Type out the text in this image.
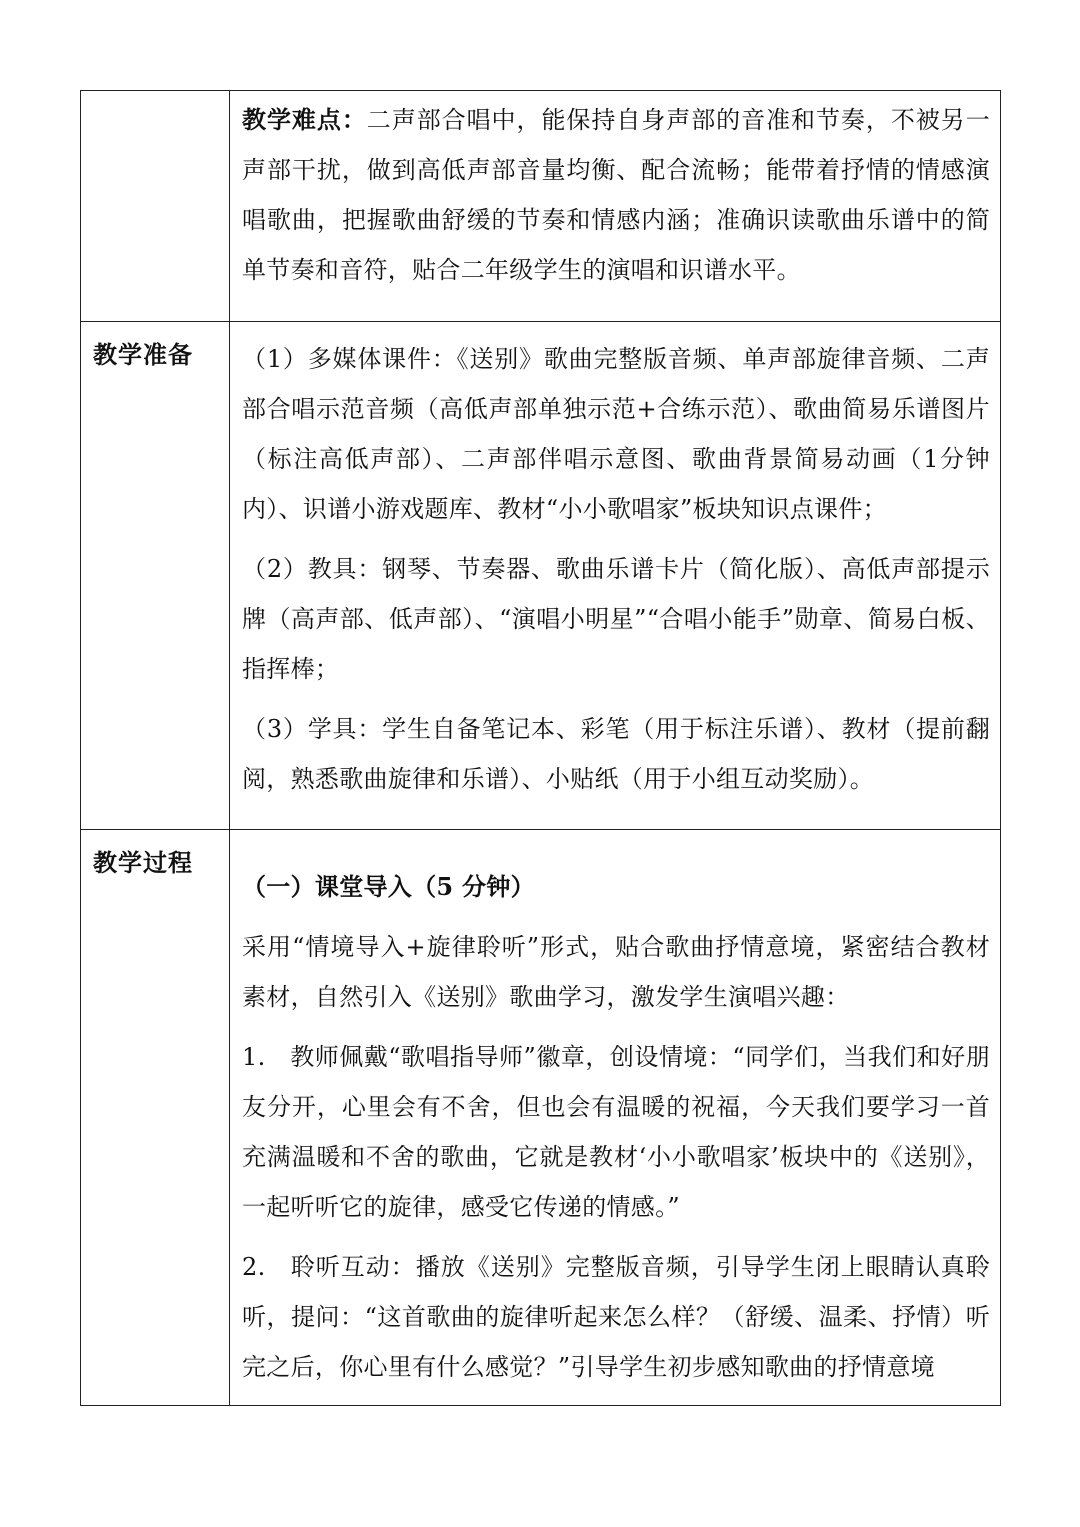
	教学难点：二声部合唱中，能保持自身声部的音准和节奏，不被另一声部干扰，做到高低声部音量均衡、配合流畅；能带着抒情的情感演唱歌曲，把握歌曲舒缓的节奏和情感内涵；准确识读歌曲乐谱中的简单节奏和音符，贴合二年级学生的演唱和识谱水平。

教学准备	（1）多媒体课件：《送别》歌曲完整版音频、单声部旋律音频、二声部合唱示范音频（高低声部单独示范+合练示范）、歌曲简易乐谱图片（标注高低声部）、二声部伴唱示意图、歌曲背景简易动画（1分钟内）、识谱小游戏题库、教材“小小歌唱家”板块知识点课件；

（2）教具：钢琴、节奏器、歌曲乐谱卡片（简化版）、高低声部提示牌（高声部、低声部）、“演唱小明星”“合唱小能手”勋章、简易白板、指挥棒；

（3）学具：学生自备笔记本、彩笔（用于标注乐谱）、教材（提前翻阅，熟悉歌曲旋律和乐谱）、小贴纸（用于小组互动奖励）。

教学过程	（一）课堂导入（5 分钟）

采用“情境导入+旋律聆听”形式，贴合歌曲抒情意境，紧密结合教材素材，自然引入《送别》歌曲学习，激发学生演唱兴趣：

1. 教师佩戴“歌唱指导师”徽章，创设情境：“同学们，当我们和好朋友分开，心里会有不舍，但也会有温暖的祝福，今天我们要学习一首充满温暖和不舍的歌曲，它就是教材‘小小歌唱家’板块中的《送别》，一起听听它的旋律，感受它传递的情感。”

2. 聆听互动：播放《送别》完整版音频，引导学生闭上眼睛认真聆听，提问：“这首歌曲的旋律听起来怎么样？（舒缓、温柔、抒情）听完之后，你心里有什么感觉？”引导学生初步感知歌曲的抒情意境
